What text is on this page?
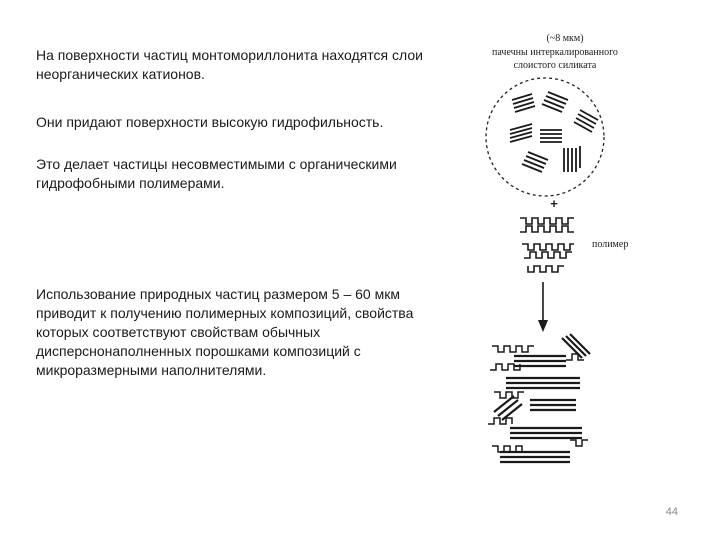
На поверхности частиц монтомориллонита находятся слои неорганических катионов.
Они придают поверхности высокую гидрофильность.
Это делает частицы несовместимыми с органическими гидрофобными полимерами.
Использование природных частиц размером 5 – 60 мкм приводит к получению полимерных композиций, свойства которых соответствуют свойствам обычных дисперснонаполненных порошками композиций с микроразмерными наполнителями.
(~8 мкм)
пачечны интеркалированного
слоистого силиката
+
полимер
44
